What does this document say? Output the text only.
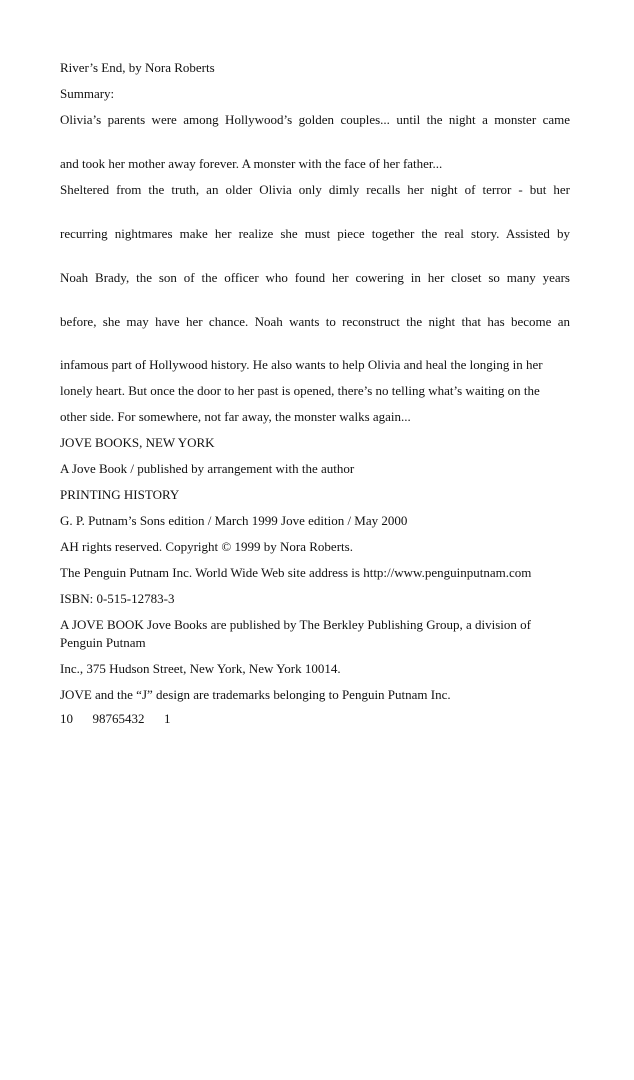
River’s End, by Nora Roberts

Summary:

Olivia’s parents were among Hollywood’s golden couples... until the night a monster came

and took her mother away forever. A monster with the face of her father...

Sheltered from the truth, an older Olivia only dimly recalls her night of terror - but her

recurring nightmares make her realize she must piece together the real story. Assisted by

Noah Brady, the son of the officer who found her cowering in her closet so many years

before, she may have her chance. Noah wants to reconstruct the night that has become an

infamous part of Hollywood history. He also wants to help Olivia and heal the longing in her

lonely heart. But once the door to her past is opened, there’s no telling what’s waiting on the

other side. For somewhere, not far away, the monster walks again...

JOVE BOOKS, NEW YORK

A Jove Book / published by arrangement with the author

PRINTING HISTORY

G. P. Putnam’s Sons edition / March 1999 Jove edition / May 2000

AH rights reserved. Copyright © 1999 by Nora Roberts.

The Penguin Putnam Inc. World Wide Web site address is http://www.penguinputnam.com

ISBN: 0-515-12783-3

A JOVE BOOK Jove Books are published by The Berkley Publishing Group, a division of Penguin Putnam

Inc., 375 Hudson Street, New York, New York 10014.

JOVE and the “J” design are trademarks belonging to Penguin Putnam Inc.

10      98765432      1
